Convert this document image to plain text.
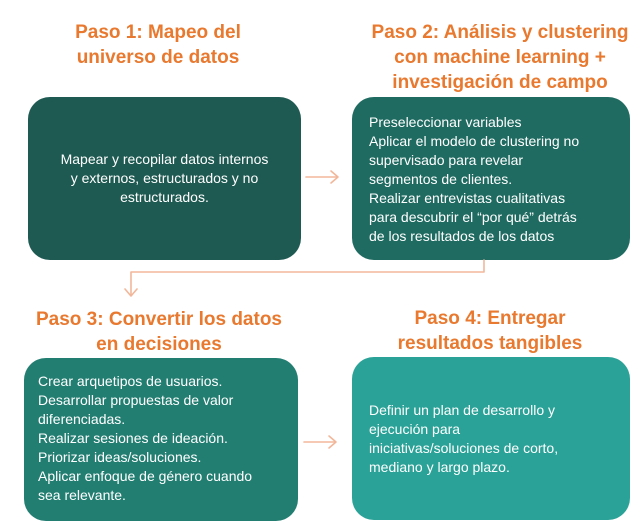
Paso 1: Mapeo del
universo de datos
Mapear y recopilar datos internos
y externos, estructurados y no
estructurados.
Paso 2: Análisis y clustering
con machine learning +
investigación de campo
Preseleccionar variables
Aplicar el modelo de clustering no
supervisado para revelar
segmentos de clientes.
Realizar entrevistas cualitativas
para descubrir el “por qué” detrás
de los resultados de los datos
Paso 3: Convertir los datos
en decisiones
Crear arquetipos de usuarios.
Desarrollar propuestas de valor
diferenciadas.
Realizar sesiones de ideación.
Priorizar ideas/soluciones.
Aplicar enfoque de género cuando
sea relevante.
Paso 4: Entregar
resultados tangibles
Definir un plan de desarrollo y
ejecución para
iniciativas/soluciones de corto,
mediano y largo plazo.
